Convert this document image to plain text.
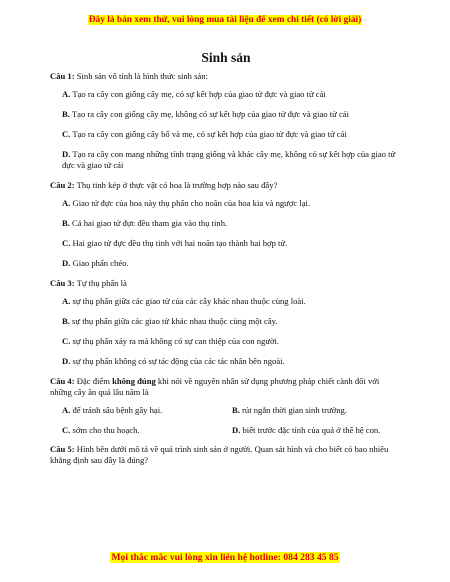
Đây là bản xem thử, vui lòng mua tài liệu để xem chi tiết (có lời giải)
Sinh sản
Câu 1: Sinh sản vô tính là hình thức sinh sản:
A. Tạo ra cây con giống cây mẹ, có sự kết hợp của giao tử đực và giao tử cái
B. Tạo ra cây con giống cây mẹ, không có sự kết hợp của giao tử đực và giao tử cái
C. Tạo ra cây con giống cây bố và mẹ, có sự kết hợp của giao tử đực và giao tử cái
D. Tạo ra cây con mang những tính trạng giống và khác cây mẹ, không có sự kết hợp của giao tử đực và giao tử cái
Câu 2: Thụ tinh kép ở thực vật có hoa là trường hợp nào sau đây?
A. Giao tử đực của hoa này thụ phấn cho noãn của hoa kia và ngược lại.
B. Cả hai giao tử đực đều tham gia vào thụ tinh.
C. Hai giao tử đực đều thụ tinh với hai noãn tạo thành hai hợp tử.
D. Giao phấn chéo.
Câu 3: Tự thụ phấn là
A. sự thụ phấn giữa các giao tử của các cây khác nhau thuộc cùng loài.
B. sự thụ phấn giữa các giao tử khác nhau thuộc cùng một cây.
C. sự thụ phấn xảy ra mà không có sự can thiệp của con người.
D. sự thụ phấn không có sự tác động của các tác nhân bên ngoài.
Câu 4: Đặc điểm không đúng khi nói về nguyên nhân sử dụng phương pháp chiết cành đối với những cây ăn quả lâu năm là
A. để tránh sâu bệnh gây hại.	B. rút ngắn thời gian sinh trưởng.
C. sớm cho thu hoạch.	D. biết trước đặc tính của quả ở thế hệ con.
Câu 5: Hình bên dưới mô tả về quá trình sinh sản ở người. Quan sát hình và cho biết có bao nhiêu khẳng định sau đây là đúng?
Mọi thắc mắc vui lòng xin liên hệ hotline: 084 283 45 85
